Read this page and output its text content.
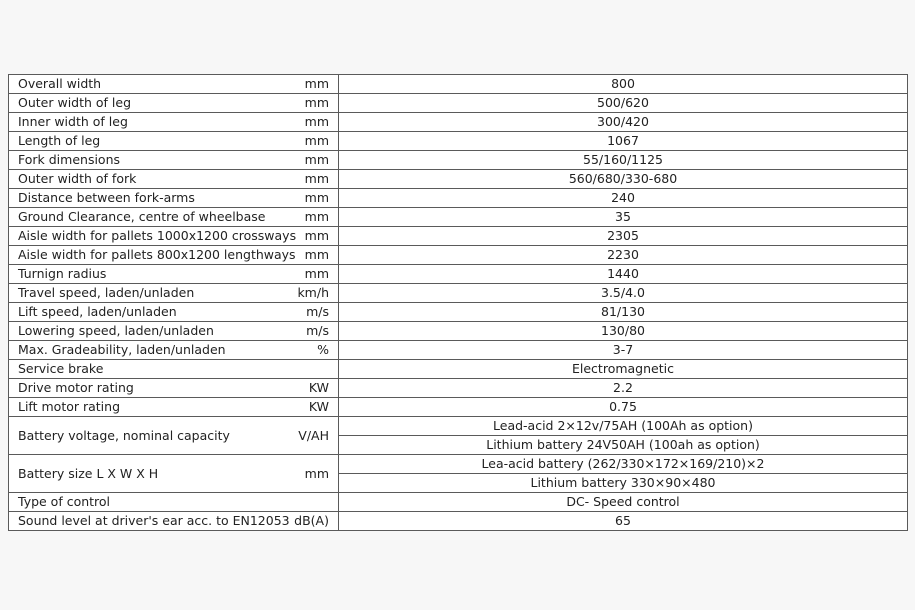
Overall width	mm	800
Outer width of leg	mm	500/620
Inner width of leg	mm	300/420
Length of leg	mm	1067
Fork dimensions	mm	55/160/1125
Outer width of fork	mm	560/680/330-680
Distance between fork-arms	mm	240
Ground Clearance, centre of wheelbase	mm	35
Aisle width for pallets 1000x1200 crossways	mm	2305
Aisle width for pallets 800x1200 lengthways	mm	2230
Turnign radius	mm	1440
Travel speed, laden/unladen	km/h	3.5/4.0
Lift speed, laden/unladen	m/s	81/130
Lowering speed, laden/unladen	m/s	130/80
Max. Gradeability, laden/unladen	%	3-7
Service brake		Electromagnetic
Drive motor rating	KW	2.2
Lift motor rating	KW	0.75
Battery voltage, nominal capacity	V/AH	Lead-acid 2×12v/75AH (100Ah as option)
		Lithium battery 24V50AH (100ah as option)
Battery size L X W X H	mm	Lea-acid battery (262/330×172×169/210)×2
		Lithium battery 330×90×480
Type of control		DC- Speed control
Sound level at driver's ear acc. to EN12053	dB(A)	65
